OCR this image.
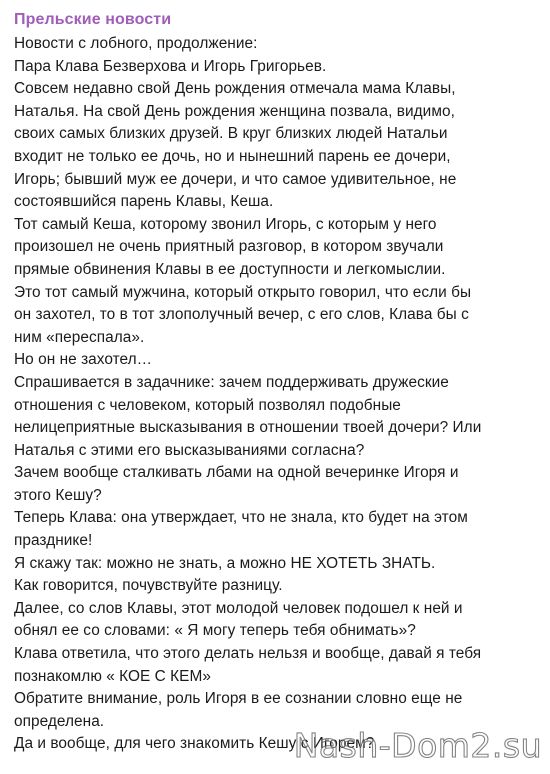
Прельские новости
Новости с лобного, продолжение:
Пара Клава Безверхова и Игорь Григорьев.
Совсем недавно свой День рождения отмечала мама Клавы,
Наталья. На свой День рождения женщина позвала, видимо,
своих самых близких друзей. В круг близких людей Натальи
входит не только ее дочь, но и нынешний парень ее дочери,
Игорь; бывший муж ее дочери, и что самое удивительное, не
состоявшийся парень Клавы, Кеша.
Тот самый Кеша, которому звонил Игорь, с которым у него
произошел не очень приятный разговор, в котором звучали
прямые обвинения Клавы в ее доступности и легкомыслии.
Это тот самый мужчина, который открыто говорил, что если бы
он захотел, то в тот злополучный вечер, с его слов, Клава бы с
ним «переспала».
Но он не захотел…
Спрашивается в задачнике: зачем поддерживать дружеские
отношения с человеком, который позволял подобные
нелицеприятные высказывания в отношении твоей дочери? Или
Наталья с этими его высказываниями согласна?
Зачем вообще сталкивать лбами на одной вечеринке Игоря и
этого Кешу?
Теперь Клава: она утверждает, что не знала, кто будет на этом
празднике!
Я скажу так: можно не знать, а можно НЕ ХОТЕТЬ ЗНАТЬ.
Как говорится, почувствуйте разницу.
Далее, со слов Клавы, этот молодой человек подошел к ней и
обнял ее со словами: « Я могу теперь тебя обнимать»?
Клава ответила, что этого делать нельзя и вообще, давай я тебя
познакомлю « КОЕ С КЕМ»
Обратите внимание, роль Игоря в ее сознании словно еще не
определена.
Да и вообще, для чего знакомить Кешу с Игорем?
Nash-Dom2.su
